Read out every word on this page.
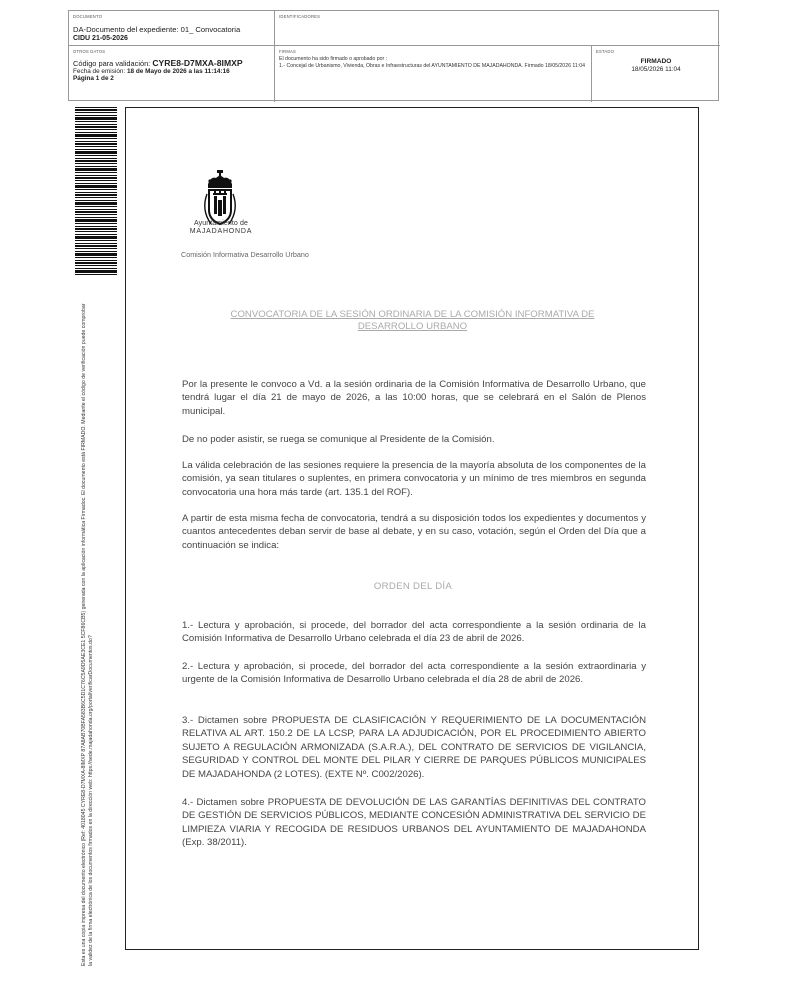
DOCUMENTO
DA-Documento del expediente: 01_ Convocatoria
CIDU 21-05-2026
IDENTIFICADORES
OTROS DATOS
Código para validación: CYRE8-D7MXA-8IMXP
Fecha de emisión: 18 de Mayo de 2026 a las 11:14:16
Página 1 de 2
FIRMAS
El documento ha sido firmado o aprobado por :
1.- Concejal de Urbanismo, Vivienda, Obras e Infraestructuras del AYUNTAMIENTO DE MAJADAHONDA. Firmado 18/05/2026 11:04
ESTADO
FIRMADO
18/05/2026 11:04
Esta es una copia impresa del documento electrónico (Ref: 4018045 CYRE8-D7MXA-8IMXP 87A8AB70BFA583B6C5D1C76C5A9D5AE3CE1 5CF86CB5) generada con la aplicación informática Firmadoc. El documento está FIRMADO. Mediante el código de verificación puede comprobar la validez de la firma electrónica de los documentos firmados en la dirección web: https://sede.majadahonda.org/portal/verificarDocumentos.do?
Ayuntamiento de
MAJADAHONDA
Comisión Informativa Desarrollo Urbano
CONVOCATORIA DE LA SESIÓN ORDINARIA DE LA COMISIÓN INFORMATIVA DE DESARROLLO URBANO

Por la presente le convoco a Vd. a la sesión ordinaria de la Comisión Informativa de Desarrollo Urbano, que tendrá lugar el día 21 de mayo de 2026, a las 10:00 horas, que se celebrará en el Salón de Plenos municipal.

De no poder asistir, se ruega se comunique al Presidente de la Comisión.

La válida celebración de las sesiones requiere la presencia de la mayoría absoluta de los componentes de la comisión, ya sean titulares o suplentes, en primera convocatoria y un mínimo de tres miembros en segunda convocatoria una hora más tarde (art. 135.1 del ROF).

A partir de esta misma fecha de convocatoria, tendrá a su disposición todos los expedientes y documentos y cuantos antecedentes deban servir de base al debate, y en su caso, votación, según el Orden del Día que a continuación se indica:

ORDEN DEL DÍA

1.- Lectura y aprobación, si procede, del borrador del acta correspondiente a la sesión ordinaria de la Comisión Informativa de Desarrollo Urbano celebrada el día 23 de abril de 2026.

2.- Lectura y aprobación, si procede, del borrador del acta correspondiente a la sesión extraordinaria y urgente de la Comisión Informativa de Desarrollo Urbano celebrada el día 28 de abril de 2026.

3.- Dictamen sobre PROPUESTA DE CLASIFICACIÓN Y REQUERIMIENTO DE LA DOCUMENTACIÓN RELATIVA AL ART. 150.2 DE LA LCSP, PARA LA ADJUDICACIÓN, POR EL PROCEDIMIENTO ABIERTO SUJETO A REGULACIÓN ARMONIZADA (S.A.R.A.), DEL CONTRATO DE SERVICIOS DE VIGILANCIA, SEGURIDAD Y CONTROL DEL MONTE DEL PILAR Y CIERRE DE PARQUES PÚBLICOS MUNICIPALES DE MAJADAHONDA (2 LOTES). (EXTE Nº. C002/2026).

4.- Dictamen sobre PROPUESTA DE DEVOLUCIÓN DE LAS GARANTÍAS DEFINITIVAS DEL CONTRATO DE GESTIÓN DE SERVICIOS PÚBLICOS, MEDIANTE CONCESIÓN ADMINISTRATIVA DEL SERVICIO DE LIMPIEZA VIARIA Y RECOGIDA DE RESIDUOS URBANOS DEL AYUNTAMIENTO DE MAJADAHONDA (Exp. 38/2011).
